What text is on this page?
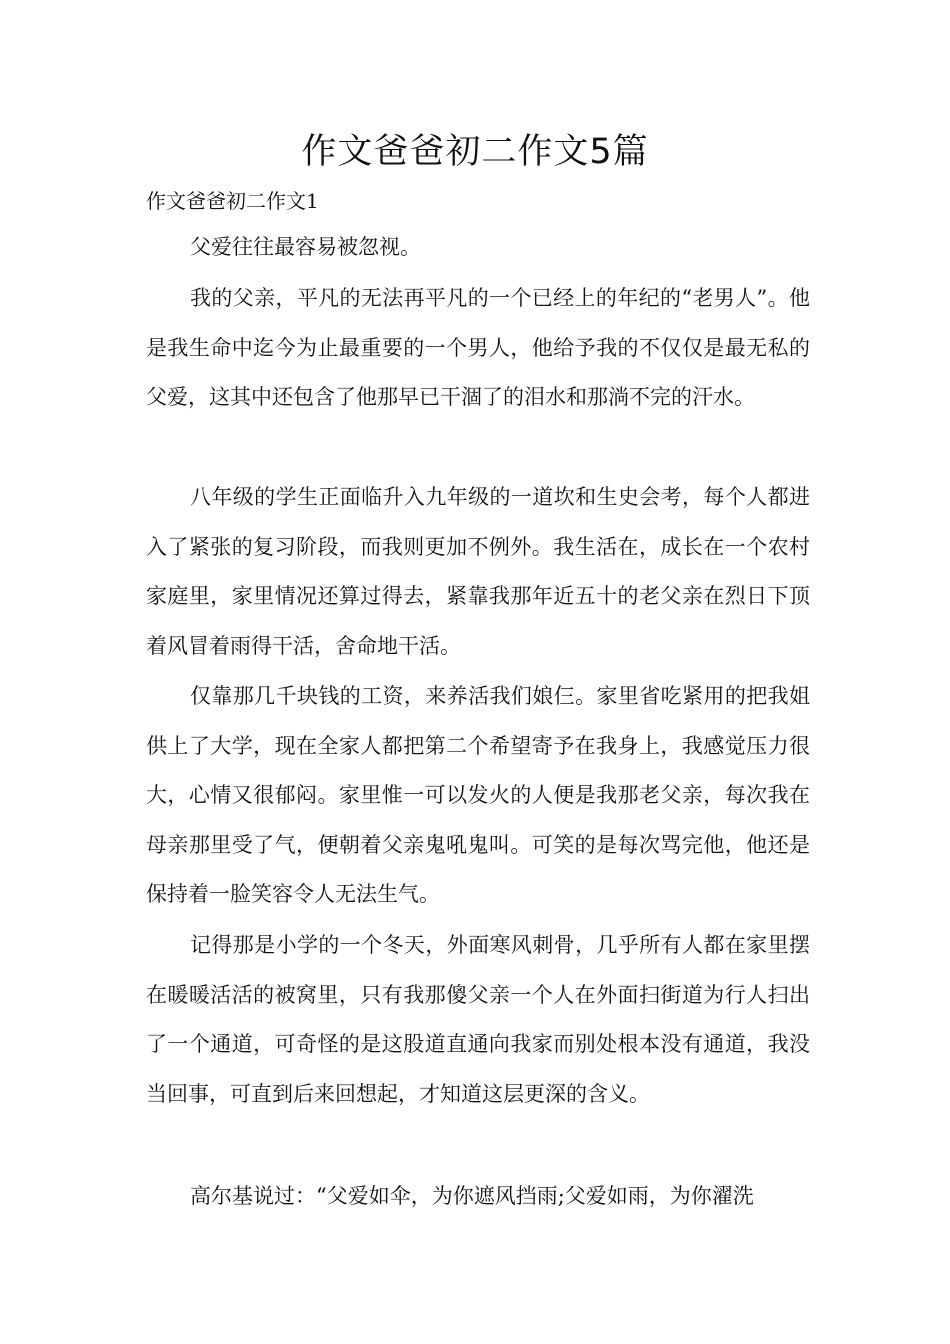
作文爸爸初二作文5篇

作文爸爸初二作文1

父爱往往最容易被忽视。

我的父亲，平凡的无法再平凡的一个已经上的年纪的“老男人”。他是我生命中迄今为止最重要的一个男人，他给予我的不仅仅是最无私的父爱，这其中还包含了他那早已干涸了的泪水和那淌不完的汗水。

八年级的学生正面临升入九年级的一道坎和生史会考，每个人都进入了紧张的复习阶段，而我则更加不例外。我生活在，成长在一个农村家庭里，家里情况还算过得去，紧靠我那年近五十的老父亲在烈日下顶着风冒着雨得干活，舍命地干活。

仅靠那几千块钱的工资，来养活我们娘仨。家里省吃紧用的把我姐供上了大学，现在全家人都把第二个希望寄予在我身上，我感觉压力很大，心情又很郁闷。家里惟一可以发火的人便是我那老父亲，每次我在母亲那里受了气，便朝着父亲鬼吼鬼叫。可笑的是每次骂完他，他还是保持着一脸笑容令人无法生气。

记得那是小学的一个冬天，外面寒风刺骨，几乎所有人都在家里摆在暖暖活活的被窝里，只有我那傻父亲一个人在外面扫街道为行人扫出了一个通道，可奇怪的是这股道直通向我家而别处根本没有通道，我没当回事，可直到后来回想起，才知道这层更深的含义。

高尔基说过：“父爱如伞，为你遮风挡雨;父爱如雨，为你濯洗
